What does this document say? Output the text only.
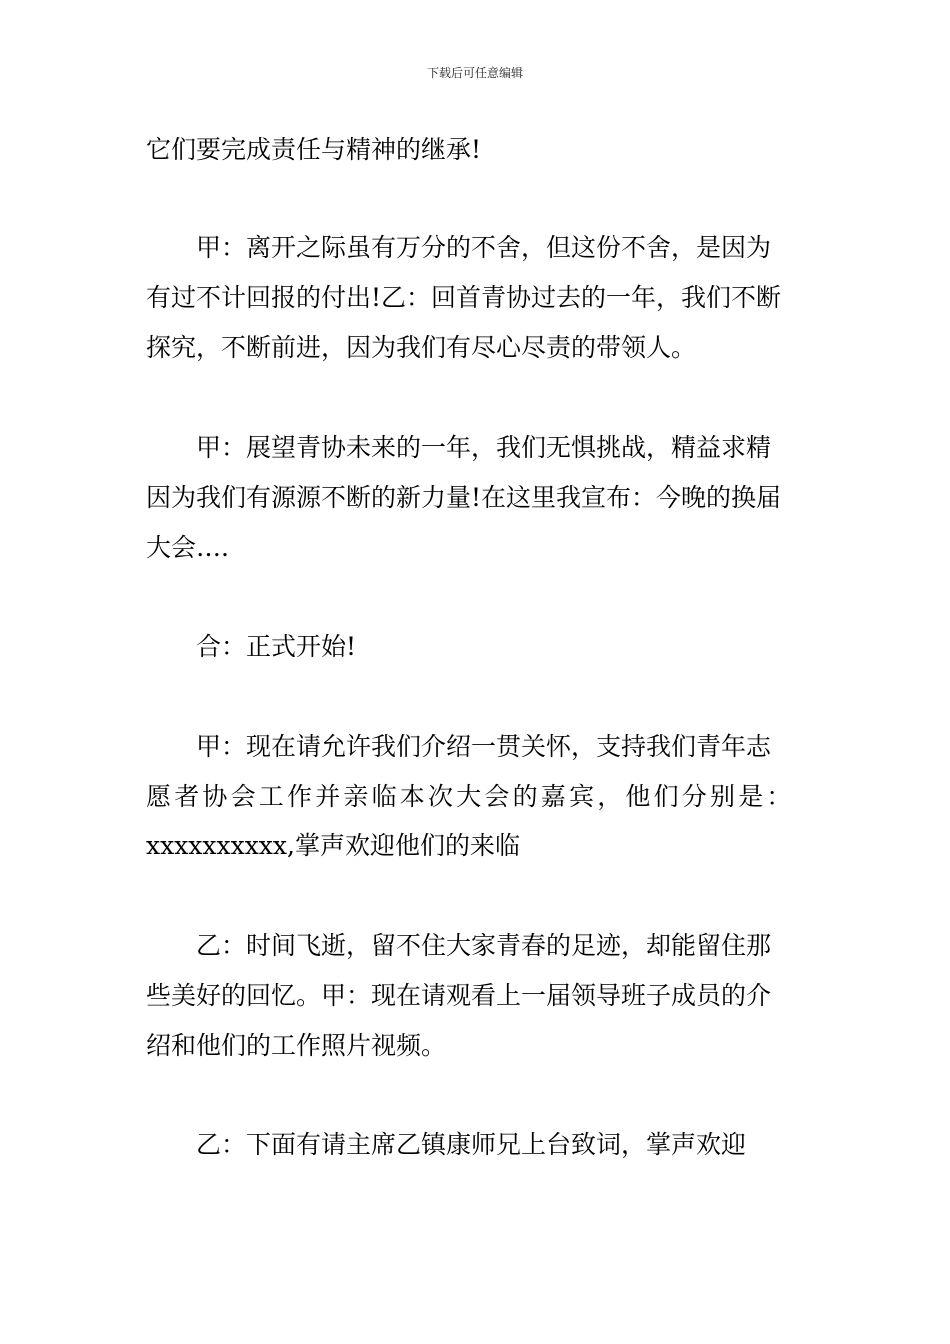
下载后可任意编辑
它们要完成责任与精神的继承!
甲：离开之际虽有万分的不舍，但这份不舍，是因为
有过不计回报的付出!乙：回首青协过去的一年，我们不断
探究，不断前进，因为我们有尽心尽责的带领人。
甲：展望青协未来的一年，我们无惧挑战，精益求精
因为我们有源源不断的新力量!在这里我宣布：今晚的换届
大会….
合：正式开始!
甲：现在请允许我们介绍一贯关怀，支持我们青年志
愿者协会工作并亲临本次大会的嘉宾，他们分别是：
xxxxxxxxxx,掌声欢迎他们的来临
乙：时间飞逝，留不住大家青春的足迹，却能留住那
些美好的回忆。甲：现在请观看上一届领导班子成员的介
绍和他们的工作照片视频。
乙：下面有请主席乙镇康师兄上台致词，掌声欢迎
